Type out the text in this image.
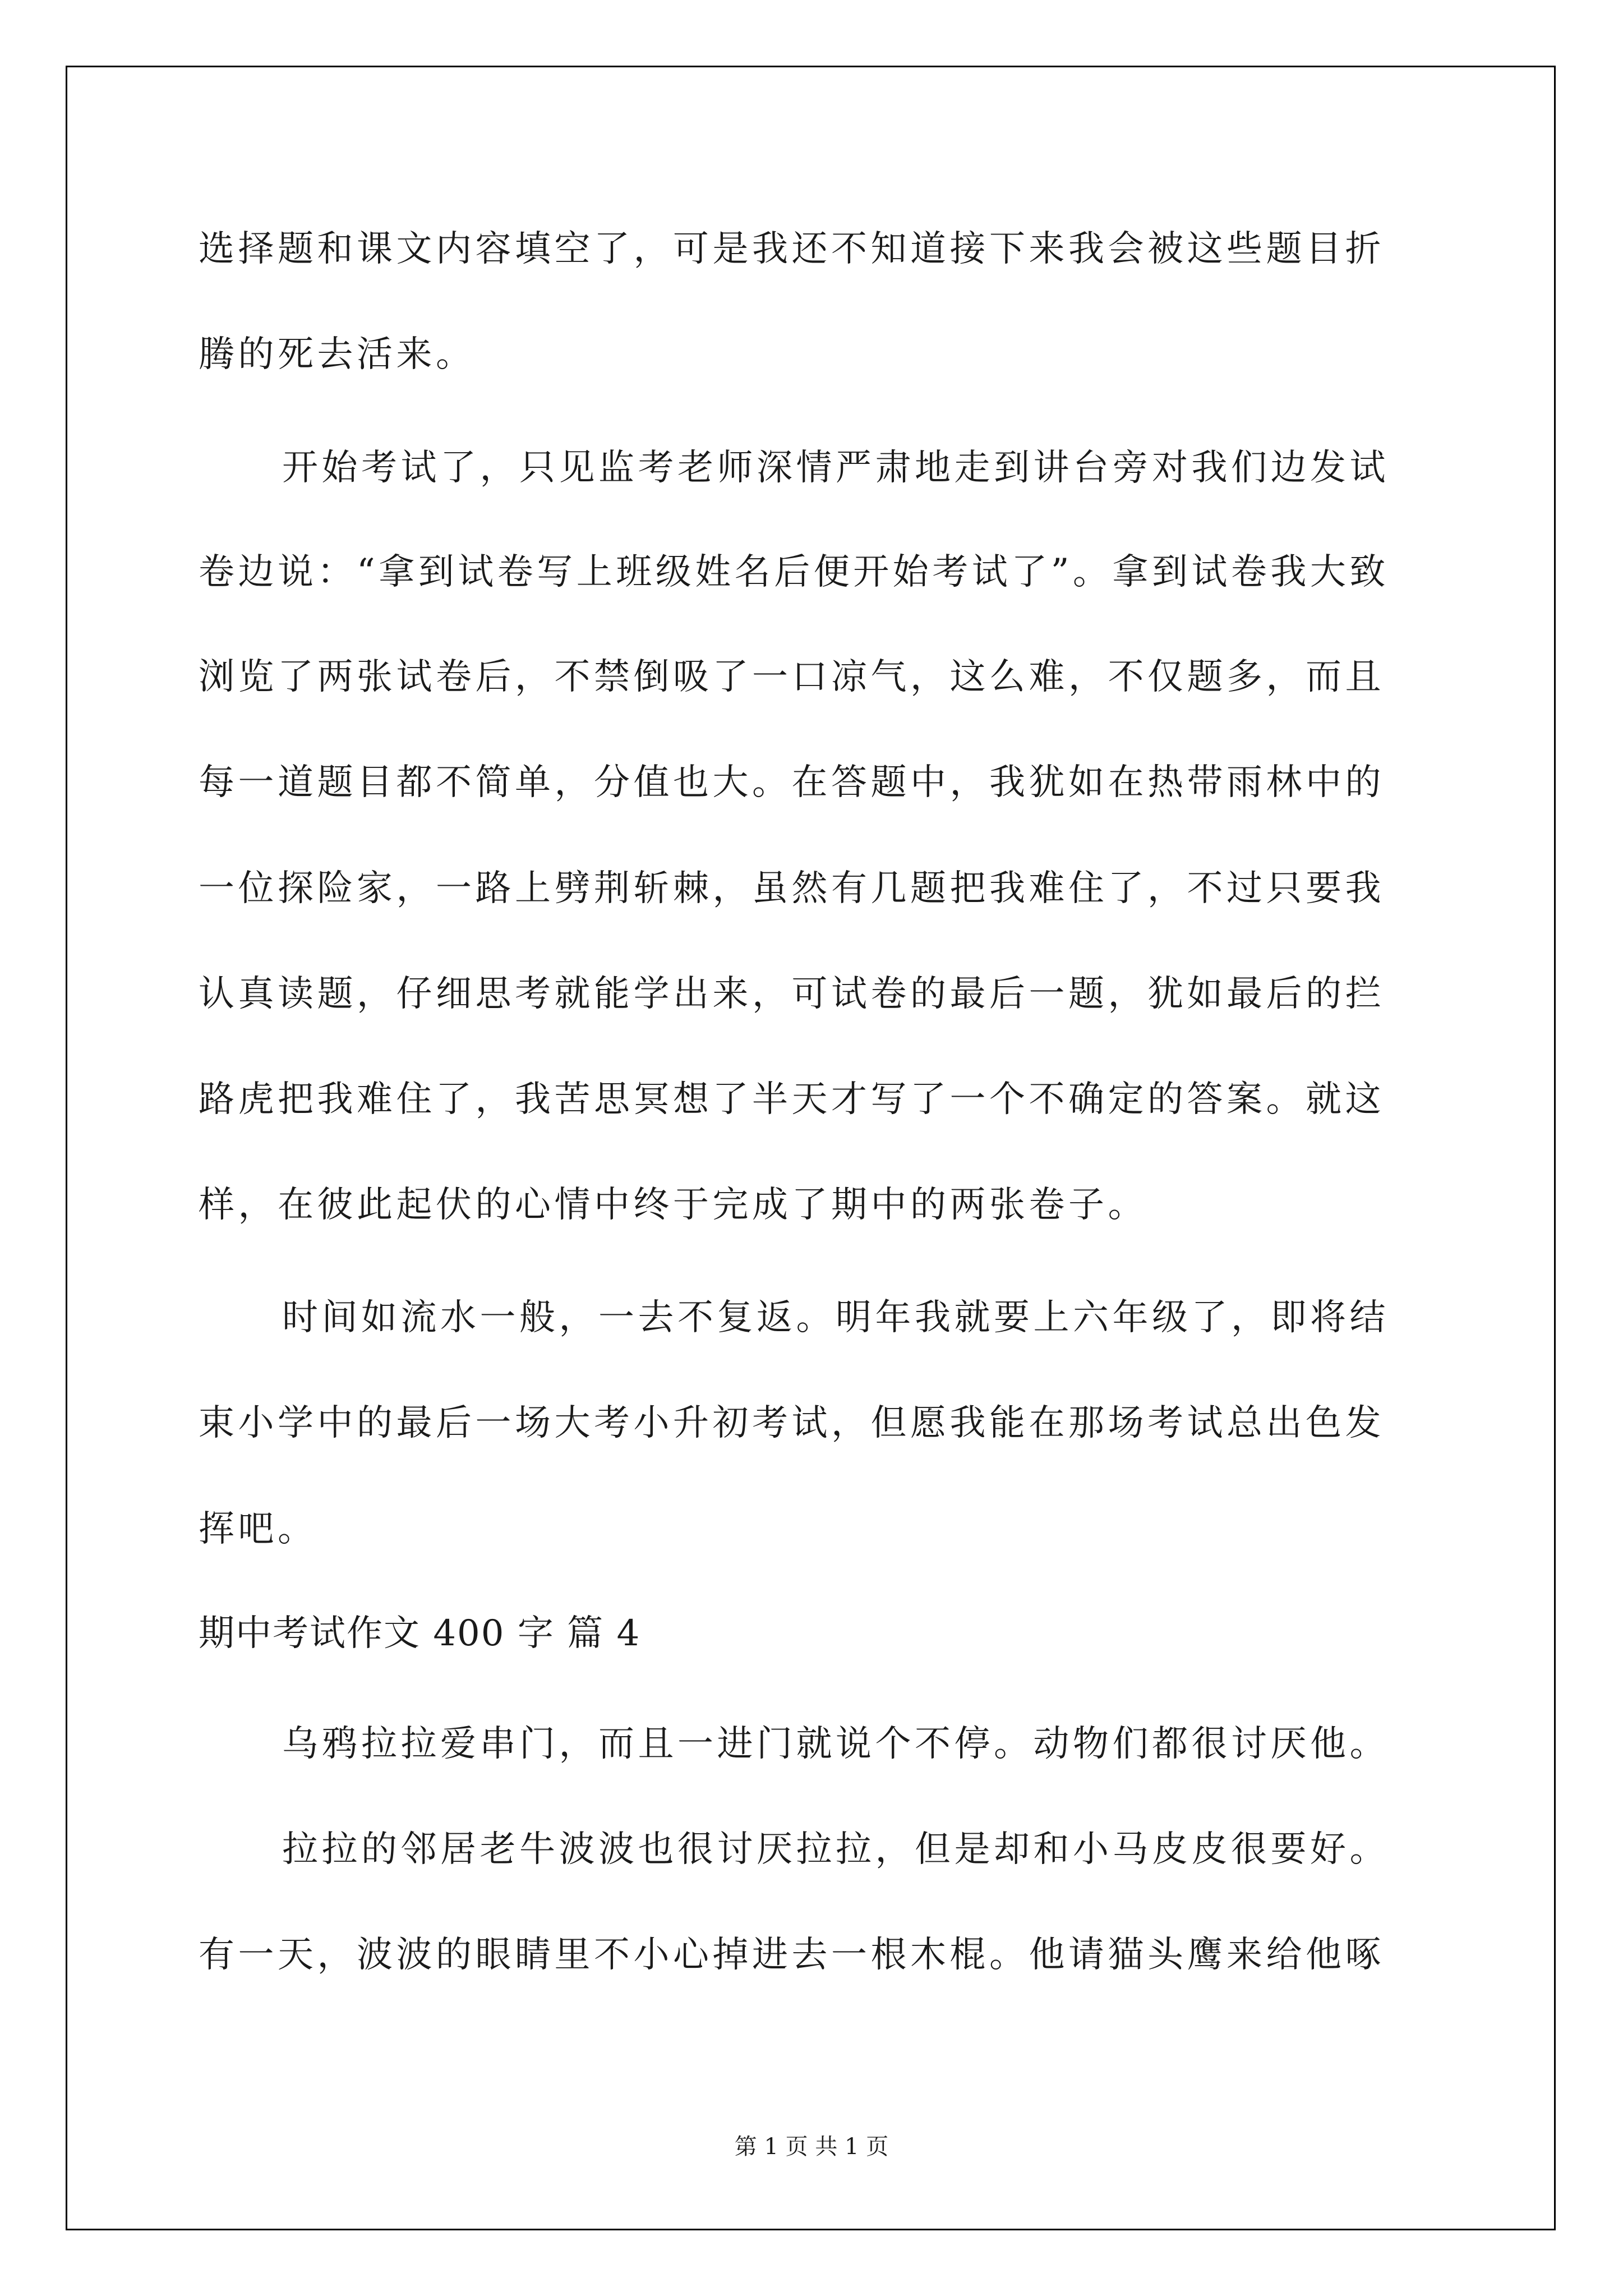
选择题和课文内容填空了，可是我还不知道接下来我会被这些题目折
腾的死去活来。
开始考试了，只见监考老师深情严肃地走到讲台旁对我们边发试
卷边说：“拿到试卷写上班级姓名后便开始考试了”。拿到试卷我大致
浏览了两张试卷后，不禁倒吸了一口凉气，这么难，不仅题多，而且
每一道题目都不简单，分值也大。在答题中，我犹如在热带雨林中的
一位探险家，一路上劈荆斩棘，虽然有几题把我难住了，不过只要我
认真读题，仔细思考就能学出来，可试卷的最后一题，犹如最后的拦
路虎把我难住了，我苦思冥想了半天才写了一个不确定的答案。就这
样，在彼此起伏的心情中终于完成了期中的两张卷子。
时间如流水一般，一去不复返。明年我就要上六年级了，即将结
束小学中的最后一场大考小升初考试，但愿我能在那场考试总出色发
挥吧。
期中考试作文 400 字 篇 4
乌鸦拉拉爱串门，而且一进门就说个不停。动物们都很讨厌他。
拉拉的邻居老牛波波也很讨厌拉拉，但是却和小马皮皮很要好。
有一天，波波的眼睛里不小心掉进去一根木棍。他请猫头鹰来给他啄
第 1 页 共 1 页
